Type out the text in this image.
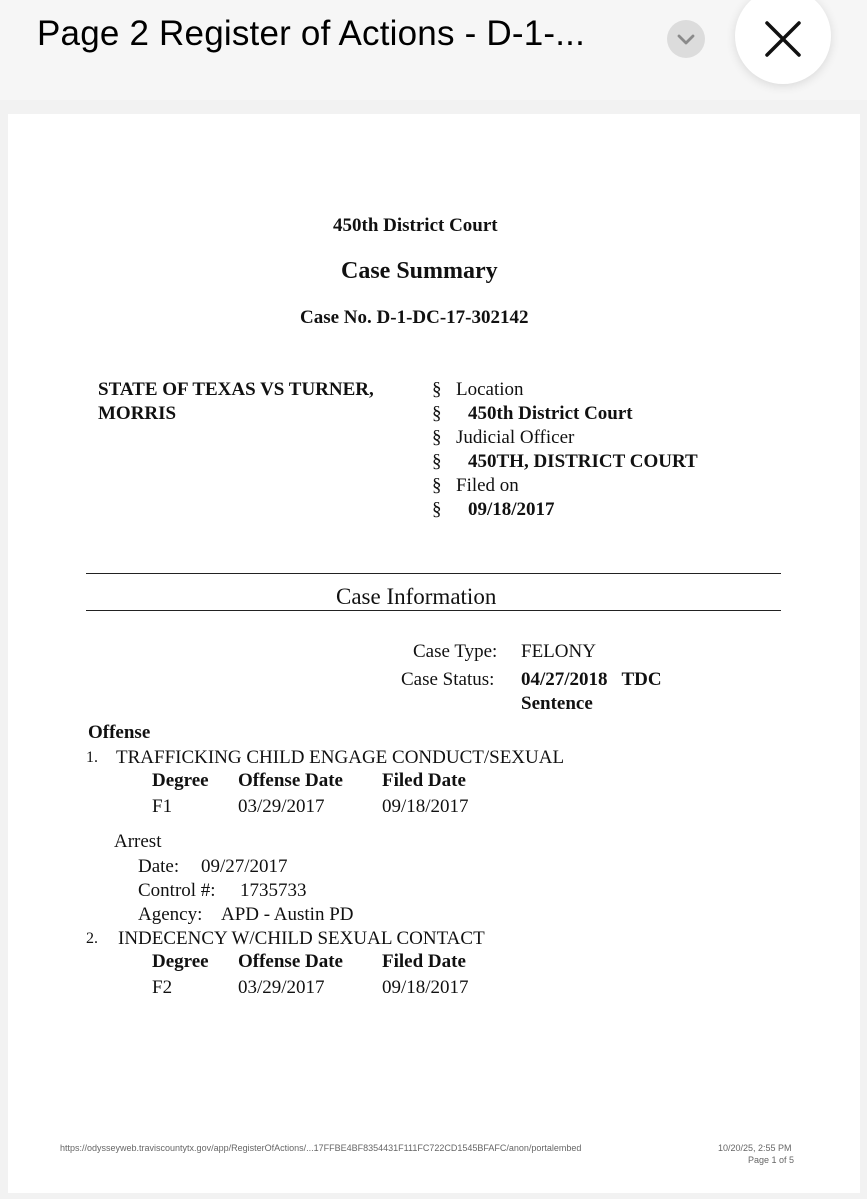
Page 2 Register of Actions - D-1-...
450th District Court
Case Summary
Case No. D-1-DC-17-302142
STATE OF TEXAS VS TURNER,
MORRIS
§ Location
§ 450th District Court
§ Judicial Officer
§ 450TH, DISTRICT COURT
§ Filed on
§ 09/18/2017
Case Information
Case Type: FELONY
Case Status: 04/27/2018   TDC
Sentence
Offense
1. TRAFFICKING CHILD ENGAGE CONDUCT/SEXUAL
Degree Offense Date Filed Date
F1	03/29/2017	09/18/2017
Arrest
Date: 09/27/2017
Control #: 1735733
Agency: APD - Austin PD
2. INDECENCY W/CHILD SEXUAL CONTACT
Degree Offense Date Filed Date
F2	03/29/2017	09/18/2017
https://odysseyweb.traviscountytx.gov/app/RegisterOfActions/...17FFBE4BF8354431F111FC722CD1545BFAFC/anon/portalembed	10/20/25, 2:55 PM
Page 1 of 5
